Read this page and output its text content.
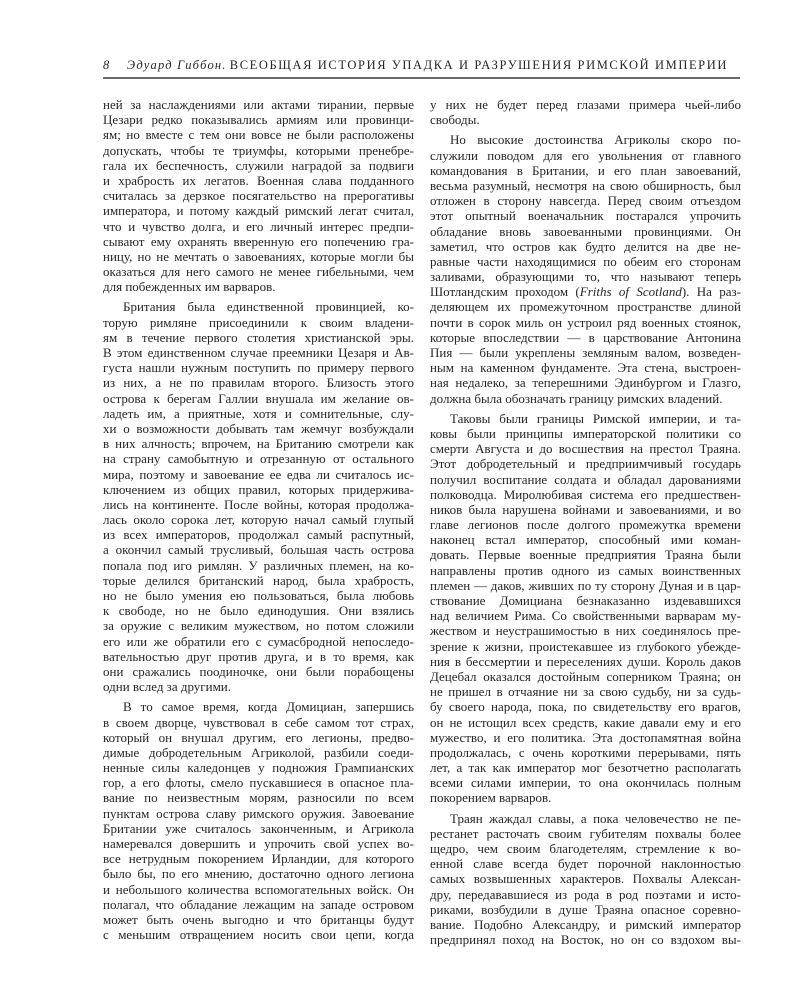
8 Эдуард Гиббон. ВСЕОБЩАЯ ИСТОРИЯ УПАДКА И РАЗРУШЕНИЯ РИМСКОЙ ИМПЕРИИ
ней за наслаждениями или актами тирании, первые
Цезари редко показывались армиям или провинци-
ям; но вместе с тем они вовсе не были расположены
допускать, чтобы те триумфы, которыми пренебре-
гала их беспечность, служили наградой за подвиги
и храбрость их легатов. Военная слава подданного
считалась за дерзкое посягательство на прерогативы
императора, и потому каждый римский легат считал,
что и чувство долга, и его личный интерес предпи-
сывают ему охранять вверенную его попечению гра-
ницу, но не мечтать о завоеваниях, которые могли бы
оказаться для него самого не менее гибельными, чем
для побежденных им варваров.
Британия была единственной провинцией, ко-
торую римляне присоединили к своим владени-
ям в течение первого столетия христианской эры.
В этом единственном случае преемники Цезаря и Ав-
густа нашли нужным поступить по примеру первого
из них, а не по правилам второго. Близость этого
острова к берегам Галлии внушала им желание ов-
ладеть им, а приятные, хотя и сомнительные, слу-
хи о возможности добывать там жемчуг возбуждали
в них алчность; впрочем, на Британию смотрели как
на страну самобытную и отрезанную от остального
мира, поэтому и завоевание ее едва ли считалось ис-
ключением из общих правил, которых придержива-
лись на континенте. После войны, которая продолжа-
лась около сорока лет, которую начал самый глупый
из всех императоров, продолжал самый распутный,
а окончил самый трусливый, большая часть острова
попала под иго римлян. У различных племен, на ко-
торые делился британский народ, была храбрость,
но не было умения ею пользоваться, была любовь
к свободе, но не было единодушия. Они взялись
за оружие с великим мужеством, но потом сложили
его или же обратили его с сумасбродной непоследо-
вательностью друг против друга, и в то время, как
они сражались поодиночке, они были порабощены
одни вслед за другими.
В то самое время, когда Домициан, запершись
в своем дворце, чувствовал в себе самом тот страх,
который он внушал другим, его легионы, предво-
димые добродетельным Агриколой, разбили соеди-
ненные силы каледонцев у подножия Грампианских
гор, а его флоты, смело пускавшиеся в опасное пла-
вание по неизвестным морям, разносили по всем
пунктам острова славу римского оружия. Завоевание
Британии уже считалось законченным, и Агрикола
намеревался довершить и упрочить свой успех во-
все нетрудным покорением Ирландии, для которого
было бы, по его мнению, достаточно одного легиона
и небольшого количества вспомогательных войск. Он
полагал, что обладание лежащим на западе островом
может быть очень выгодно и что британцы будут
с меньшим отвращением носить свои цепи, когда
у них не будет перед глазами примера чьей-либо
свободы.
Но высокие достоинства Агриколы скоро по-
служили поводом для его увольнения от главного
командования в Британии, и его план завоеваний,
весьма разумный, несмотря на свою обширность, был
отложен в сторону навсегда. Перед своим отъездом
этот опытный военачальник постарался упрочить
обладание вновь завоеванными провинциями. Он
заметил, что остров как будто делится на две не-
равные части находящимися по обеим его сторонам
заливами, образующими то, что называют теперь
Шотландским проходом (Friths of Scotland). На раз-
деляющем их промежуточном пространстве длиной
почти в сорок миль он устроил ряд военных стоянок,
которые впоследствии — в царствование Антонина
Пия — были укреплены земляным валом, возведен-
ным на каменном фундаменте. Эта стена, выстроен-
ная недалеко, за теперешними Эдинбургом и Глазго,
должна была обозначать границу римских владений.
Таковы были границы Римской империи, и та-
ковы были принципы императорской политики со
смерти Августа и до восшествия на престол Траяна.
Этот добродетельный и предприимчивый государь
получил воспитание солдата и обладал дарованиями
полководца. Миролюбивая система его предшествен-
ников была нарушена войнами и завоеваниями, и во
главе легионов после долгого промежутка времени
наконец встал император, способный ими коман-
довать. Первые военные предприятия Траяна были
направлены против одного из самых воинственных
племен — даков, живших по ту сторону Дуная и в цар-
ствование Домициана безнаказанно издевавшихся
над величием Рима. Со свойственными варварам му-
жеством и неустрашимостью в них соединялось пре-
зрение к жизни, проистекавшее из глубокого убежде-
ния в бессмертии и переселениях души. Король даков
Децебал оказался достойным соперником Траяна; он
не пришел в отчаяние ни за свою судьбу, ни за судь-
бу своего народа, пока, по свидетельству его врагов,
он не истощил всех средств, какие давали ему и его
мужество, и его политика. Эта достопамятная война
продолжалась, с очень короткими перерывами, пять
лет, а так как император мог безотчетно располагать
всеми силами империи, то она окончилась полным
покорением варваров.
Траян жаждал славы, а пока человечество не пе-
рестанет расточать своим губителям похвалы более
щедро, чем своим благодетелям, стремление к во-
енной славе всегда будет порочной наклонностью
самых возвышенных характеров. Похвалы Алексан-
дру, передававшиеся из рода в род поэтами и исто-
риками, возбудили в душе Траяна опасное соревно-
вание. Подобно Александру, и римский император
предпринял поход на Восток, но он со вздохом вы-
